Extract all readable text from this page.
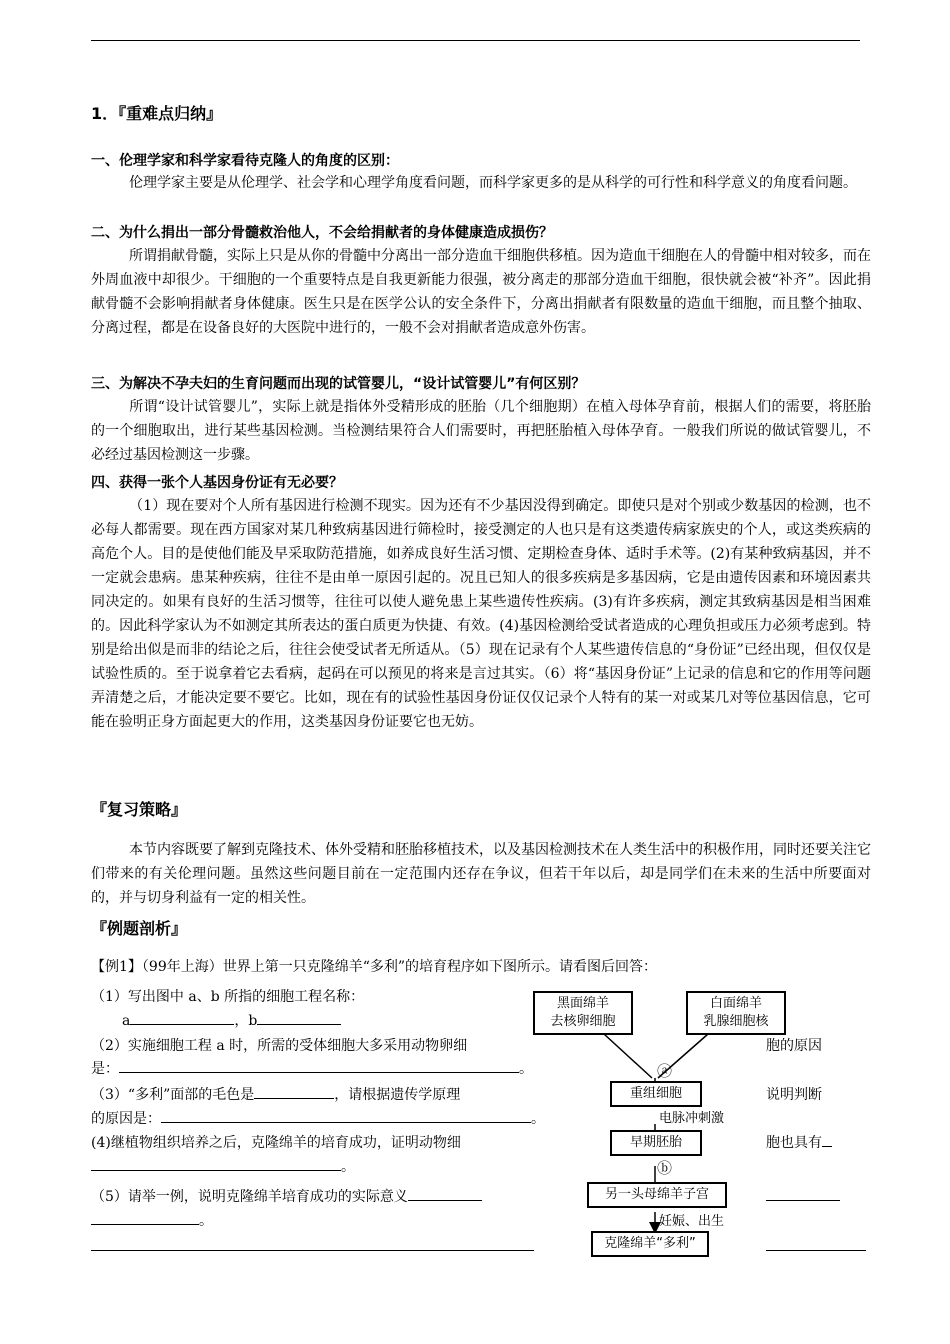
1．『重难点归纳』
一、伦理学家和科学家看待克隆人的角度的区别：
伦理学家主要是从伦理学、社会学和心理学角度看问题，而科学家更多的是从科学的可行性和科学意义的角度看问题。
二、为什么捐出一部分骨髓救治他人，不会给捐献者的身体健康造成损伤？
所谓捐献骨髓，实际上只是从你的骨髓中分离出一部分造血干细胞供移植。因为造血干细胞在人的骨髓中相对较多，而在外周血液中却很少。干细胞的一个重要特点是自我更新能力很强，被分离走的那部分造血干细胞，很快就会被“补齐”。因此捐献骨髓不会影响捐献者身体健康。医生只是在医学公认的安全条件下，分离出捐献者有限数量的造血干细胞，而且整个抽取、分离过程，都是在设备良好的大医院中进行的，一般不会对捐献者造成意外伤害。
三、为解决不孕夫妇的生育问题而出现的试管婴儿，“设计试管婴儿”有何区别？
所谓“设计试管婴儿”，实际上就是指体外受精形成的胚胎（几个细胞期）在植入母体孕育前，根据人们的需要，将胚胎的一个细胞取出，进行某些基因检测。当检测结果符合人们需要时，再把胚胎植入母体孕育。一般我们所说的做试管婴儿，不必经过基因检测这一步骤。
四、获得一张个人基因身份证有无必要？
（1）现在要对个人所有基因进行检测不现实。因为还有不少基因没得到确定。即使只是对个别或少数基因的检测，也不必每人都需要。现在西方国家对某几种致病基因进行筛检时，接受测定的人也只是有这类遗传病家族史的个人，或这类疾病的高危个人。目的是使他们能及早采取防范措施，如养成良好生活习惯、定期检查身体、适时手术等。(2)有某种致病基因，并不一定就会患病。患某种疾病，往往不是由单一原因引起的。况且已知人的很多疾病是多基因病，它是由遗传因素和环境因素共同决定的。如果有良好的生活习惯等，往往可以使人避免患上某些遗传性疾病。(3)有许多疾病，测定其致病基因是相当困难的。因此科学家认为不如测定其所表达的蛋白质更为快捷、有效。(4)基因检测给受试者造成的心理负担或压力必须考虑到。特别是给出似是而非的结论之后，往往会使受试者无所适从。（5）现在记录有个人某些遗传信息的“身份证”已经出现，但仅仅是试验性质的。至于说拿着它去看病，起码在可以预见的将来是言过其实。（6）将“基因身份证”上记录的信息和它的作用等问题弄清楚之后，才能决定要不要它。比如，现在有的试验性基因身份证仅仅记录个人特有的某一对或某几对等位基因信息，它可能在验明正身方面起更大的作用，这类基因身份证要它也无妨。
『复习策略』
本节内容既要了解到克隆技术、体外受精和胚胎移植技术，以及基因检测技术在人类生活中的积极作用，同时还要关注它们带来的有关伦理问题。虽然这些问题目前在一定范围内还存在争议，但若干年以后，却是同学们在未来的生活中所要面对的，并与切身利益有一定的相关性。
『例题剖析』
【例1】（99年上海）世界上第一只克隆绵羊“多利”的培育程序如下图所示。请看图后回答：
（1）写出图中 a、b 所指的细胞工程名称：
a	，b
（2）实施细胞工程 a 时，所需的受体细胞大多采用动物卵细	胞的原因
是：	。
（3）“多利”面部的毛色是	，请根据遗传学原理	说明判断
的原因是：	。
(4)继植物组织培养之后，克隆绵羊的培育成功，证明动物细	胞也具有
。
（5）请举一例，说明克隆绵羊培育成功的实际意义
。
黑面绵羊
去核卵细胞
白面绵羊
乳腺细胞核
ⓐ
重组细胞
电脉冲刺激
早期胚胎
ⓑ
另一头母绵羊子宫
妊娠、出生
克隆绵羊“多利”
